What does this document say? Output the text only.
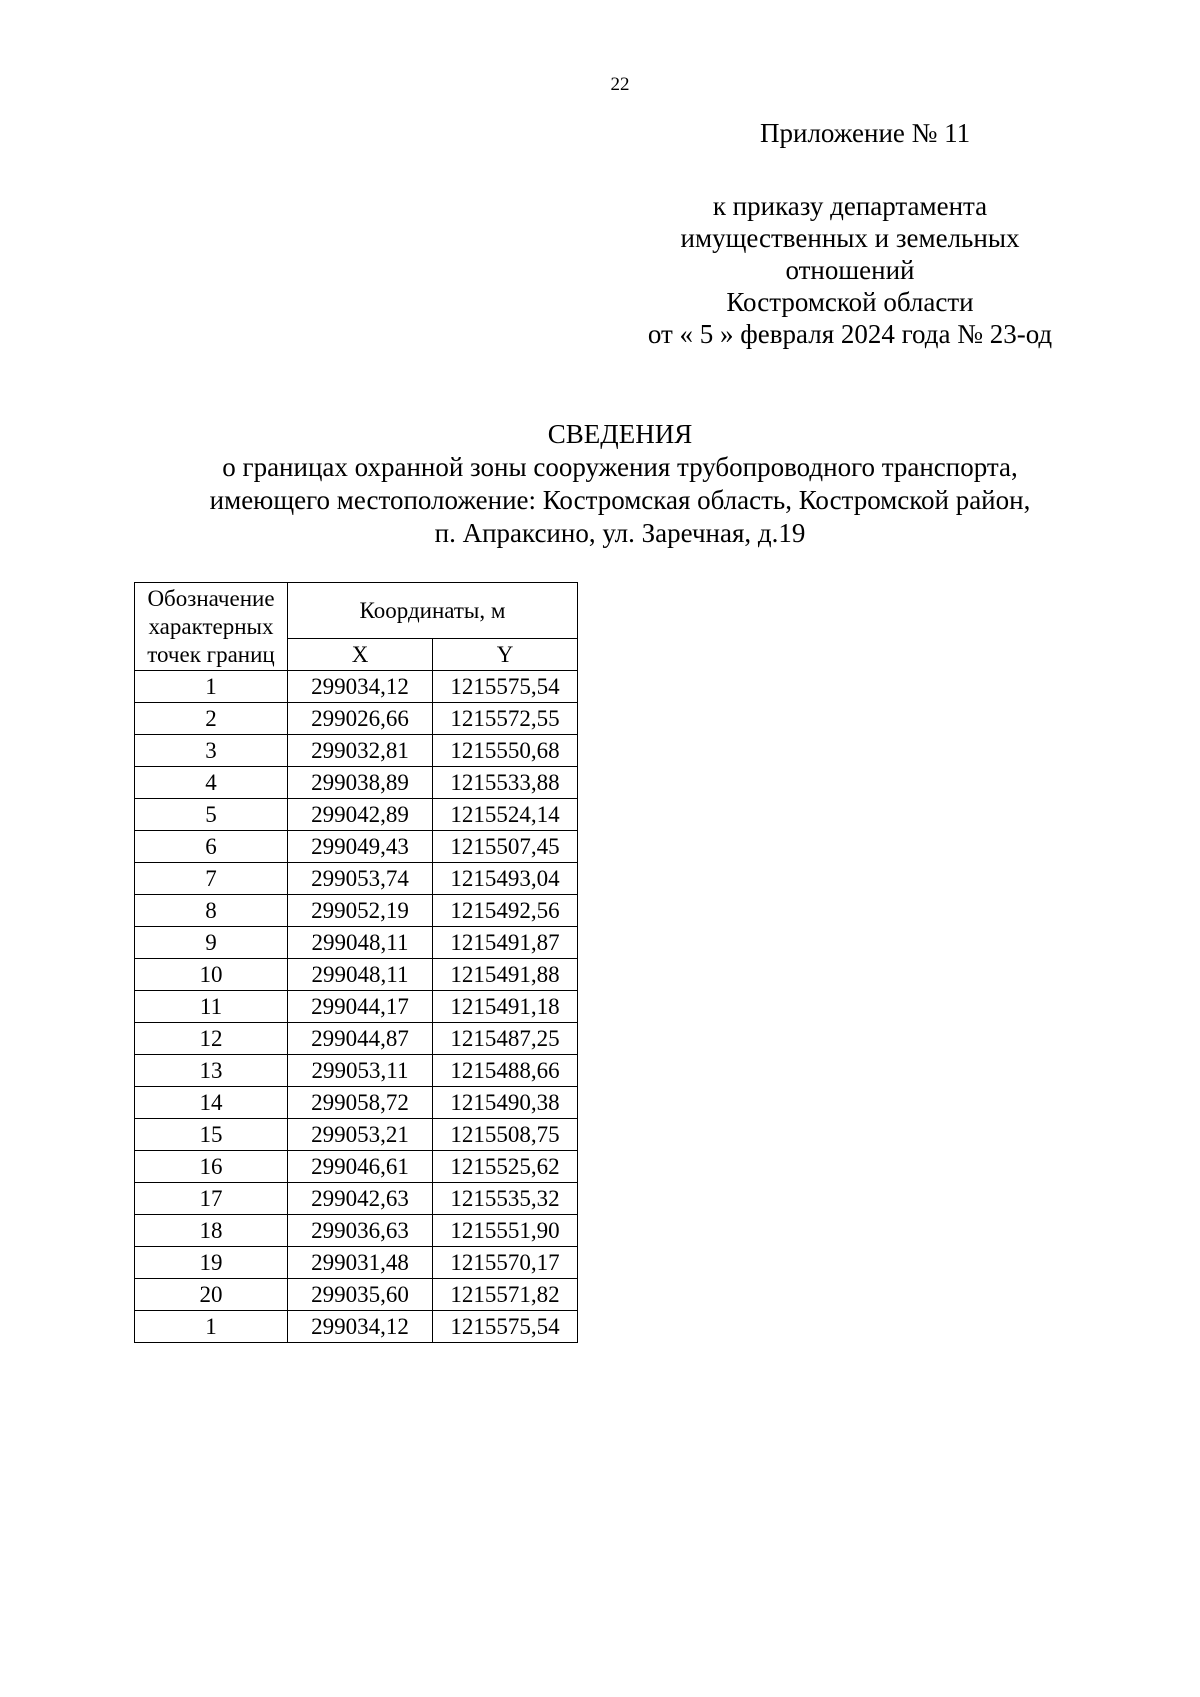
22
Приложение № 11
к приказу департамента
имущественных и земельных
отношений
Костромской области
от « 5 » февраля 2024 года № 23-од
СВЕДЕНИЯ
о границах охранной зоны сооружения трубопроводного транспорта,
имеющего местоположение: Костромская область, Костромской район,
п. Апраксино, ул. Заречная, д.19
Обозначение
характерных
точек границ	Координаты, м	
	X	Y
1	299034,12	1215575,54
2	299026,66	1215572,55
3	299032,81	1215550,68
4	299038,89	1215533,88
5	299042,89	1215524,14
6	299049,43	1215507,45
7	299053,74	1215493,04
8	299052,19	1215492,56
9	299048,11	1215491,87
10	299048,11	1215491,88
11	299044,17	1215491,18
12	299044,87	1215487,25
13	299053,11	1215488,66
14	299058,72	1215490,38
15	299053,21	1215508,75
16	299046,61	1215525,62
17	299042,63	1215535,32
18	299036,63	1215551,90
19	299031,48	1215570,17
20	299035,60	1215571,82
1	299034,12	1215575,54
